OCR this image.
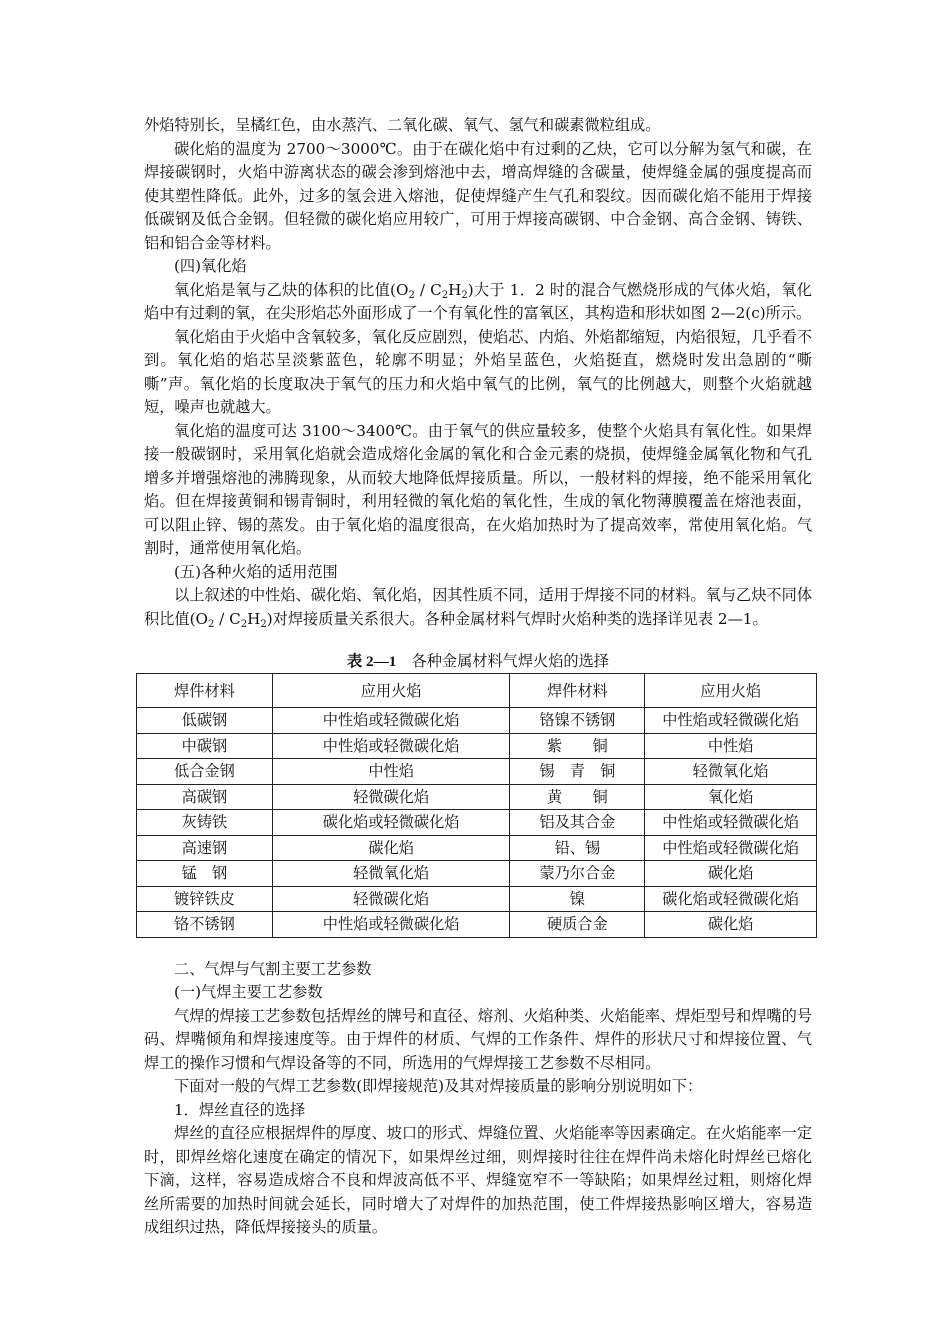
外焰特别长，呈橘红色，由水蒸汽、二氧化碳、氧气、氢气和碳素微粒组成。

碳化焰的温度为 2700～3000℃。由于在碳化焰中有过剩的乙炔，它可以分解为氢气和碳，在焊接碳钢时，火焰中游离状态的碳会渗到熔池中去，增高焊缝的含碳量，使焊缝金属的强度提高而使其塑性降低。此外，过多的氢会进入熔池，促使焊缝产生气孔和裂纹。因而碳化焰不能用于焊接低碳钢及低合金钢。但轻微的碳化焰应用较广，可用于焊接高碳钢、中合金钢、高合金钢、铸铁、铝和铝合金等材料。

(四)氧化焰

氧化焰是氧与乙炔的体积的比值$(O_2 / C_2H_2)$大于 1．2 时的混合气燃烧形成的气体火焰，氧化焰中有过剩的氧，在尖形焰芯外面形成了一个有氧化性的富氧区，其构造和形状如图 2—2(c)所示。

氧化焰由于火焰中含氧较多，氧化反应剧烈，使焰芯、内焰、外焰都缩短，内焰很短，几乎看不到。氧化焰的焰芯呈淡紫蓝色，轮廓不明显；外焰呈蓝色，火焰挺直，燃烧时发出急剧的“嘶嘶”声。氧化焰的长度取决于氧气的压力和火焰中氧气的比例，氧气的比例越大，则整个火焰就越短，噪声也就越大。

氧化焰的温度可达 3100～3400℃。由于氧气的供应量较多，使整个火焰具有氧化性。如果焊接一般碳钢时，采用氧化焰就会造成熔化金属的氧化和合金元素的烧损，使焊缝金属氧化物和气孔增多并增强熔池的沸腾现象，从而较大地降低焊接质量。所以，一般材料的焊接，绝不能采用氧化焰。但在焊接黄铜和锡青铜时，利用轻微的氧化焰的氧化性，生成的氧化物薄膜覆盖在熔池表面，可以阻止锌、锡的蒸发。由于氧化焰的温度很高，在火焰加热时为了提高效率，常使用氧化焰。气割时，通常使用氧化焰。

(五)各种火焰的适用范围

以上叙述的中性焰、碳化焰、氧化焰，因其性质不同，适用于焊接不同的材料。氧与乙炔不同体积比值$(O_2 / C_2H_2)$对焊接质量关系很大。各种金属材料气焊时火焰种类的选择详见表 2—1。

表 2—1　 各种金属材料气焊火焰的选择
焊件材料	应用火焰	焊件材料	应用火焰
低碳钢	中性焰或轻微碳化焰	铬镍不锈钢	中性焰或轻微碳化焰
中碳钢	中性焰或轻微碳化焰	紫　　铜	中性焰
低合金钢	中性焰	锡　青　铜	轻微氧化焰
高碳钢	轻微碳化焰	黄　　铜	氧化焰
灰铸铁	碳化焰或轻微碳化焰	铝及其合金	中性焰或轻微碳化焰
高速钢	碳化焰	铅、锡	中性焰或轻微碳化焰
锰　钢	轻微氧化焰	蒙乃尔合金	碳化焰
镀锌铁皮	轻微碳化焰	镍	碳化焰或轻微碳化焰
铬不锈钢	中性焰或轻微碳化焰	硬质合金	碳化焰

二、气焊与气割主要工艺参数

(一)气焊主要工艺参数

气焊的焊接工艺参数包括焊丝的牌号和直径、熔剂、火焰种类、火焰能率、焊炬型号和焊嘴的号码、焊嘴倾角和焊接速度等。由于焊件的材质、气焊的工作条件、焊件的形状尺寸和焊接位置、气焊工的操作习惯和气焊设备等的不同，所选用的气焊焊接工艺参数不尽相同。

下面对一般的气焊工艺参数(即焊接规范)及其对焊接质量的影响分别说明如下：

1．焊丝直径的选择

焊丝的直径应根据焊件的厚度、坡口的形式、焊缝位置、火焰能率等因素确定。在火焰能率一定时，即焊丝熔化速度在确定的情况下，如果焊丝过细，则焊接时往往在焊件尚未熔化时焊丝已熔化下滴，这样，容易造成熔合不良和焊波高低不平、焊缝宽窄不一等缺陷；如果焊丝过粗，则熔化焊丝所需要的加热时间就会延长，同时增大了对焊件的加热范围，使工件焊接热影响区增大，容易造成组织过热，降低焊接接头的质量。
